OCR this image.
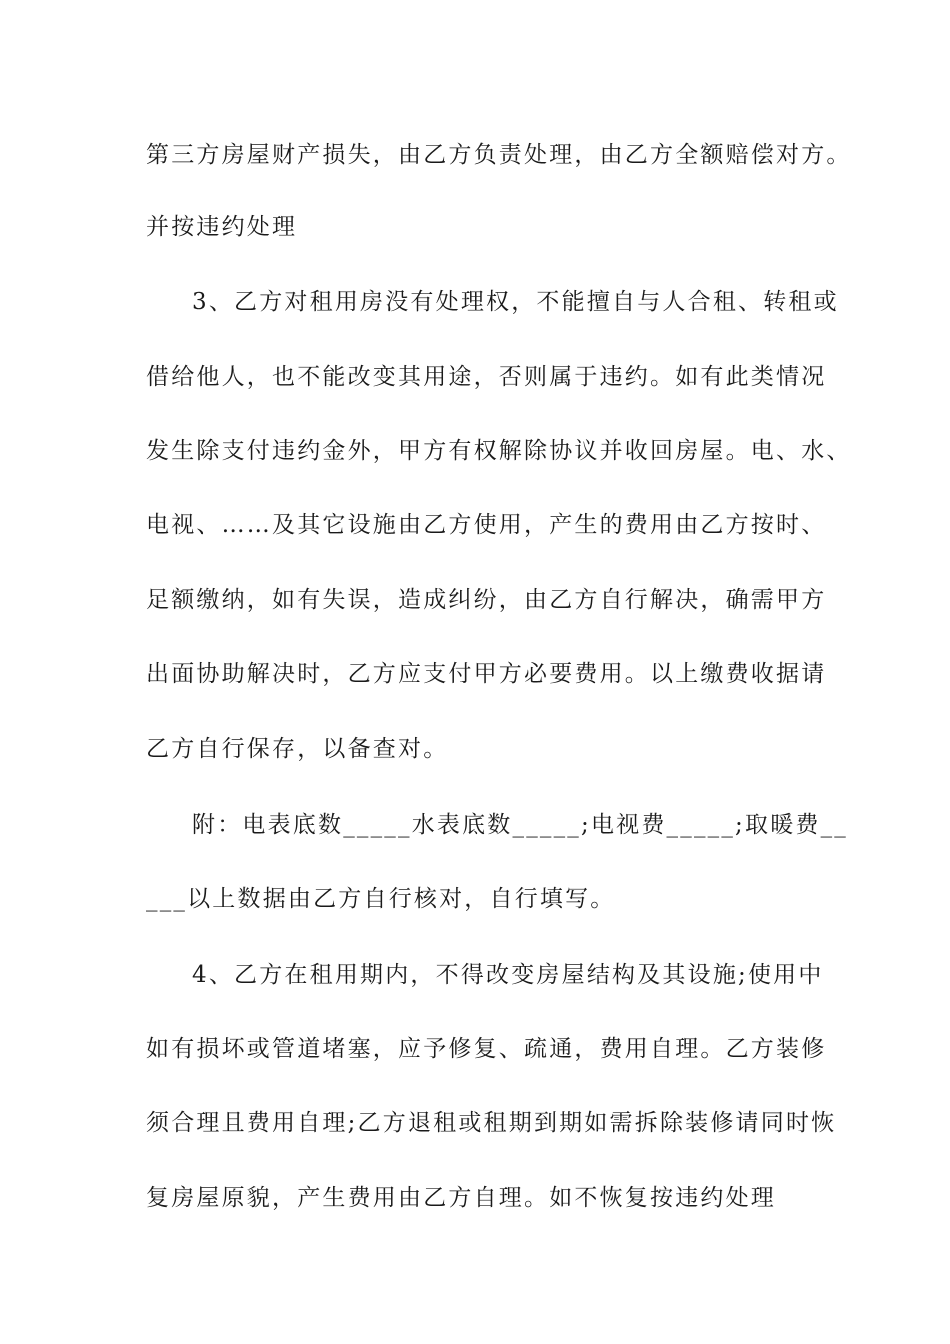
第三方房屋财产损失，由乙方负责处理，由乙方全额赔偿对方。
并按违约处理
3、乙方对租用房没有处理权，不能擅自与人合租、转租或
借给他人，也不能改变其用途，否则属于违约。如有此类情况
发生除支付违约金外，甲方有权解除协议并收回房屋。电、水、
电视、……及其它设施由乙方使用，产生的费用由乙方按时、
足额缴纳，如有失误，造成纠纷，由乙方自行解决，确需甲方
出面协助解决时，乙方应支付甲方必要费用。以上缴费收据请
乙方自行保存，以备查对。
附：电表底数_____水表底数_____;电视费_____;取暖费__
___以上数据由乙方自行核对，自行填写。
4、乙方在租用期内，不得改变房屋结构及其设施;使用中
如有损坏或管道堵塞，应予修复、疏通，费用自理。乙方装修
须合理且费用自理;乙方退租或租期到期如需拆除装修请同时恢
复房屋原貌，产生费用由乙方自理。如不恢复按违约处理
